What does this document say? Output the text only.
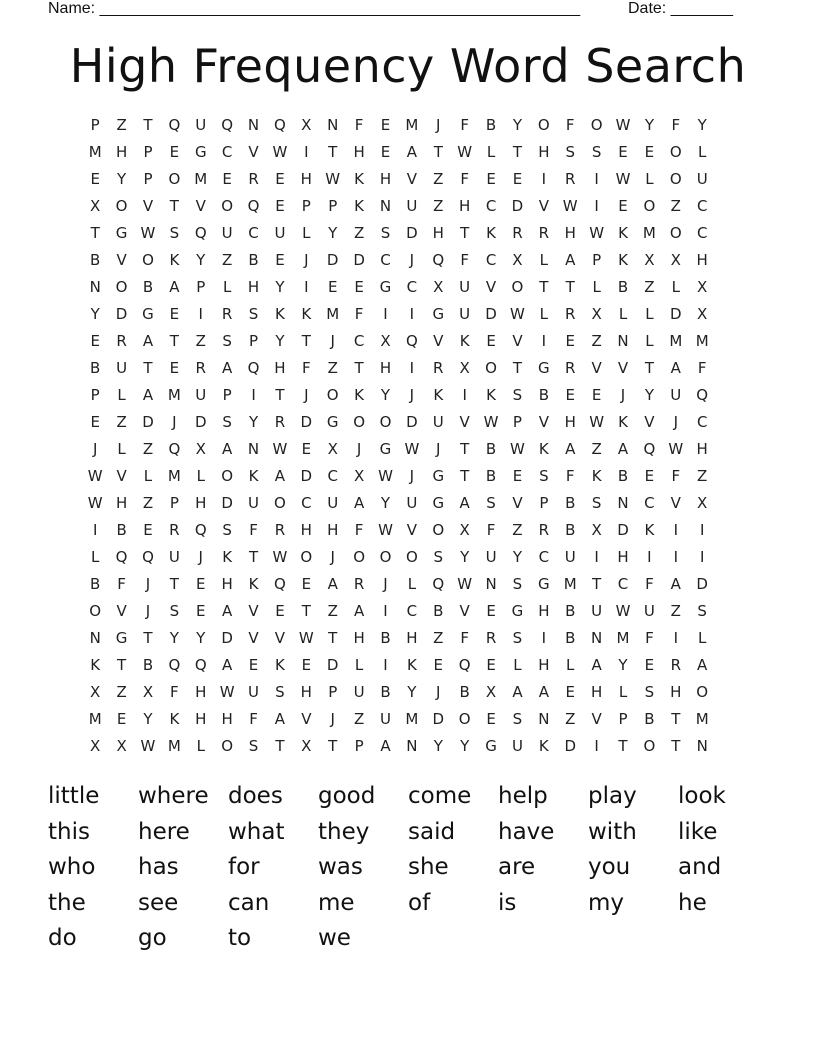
Name: ______________________________________________________	Date: _______
High Frequency Word Search
P	Z	T	Q	U Q N Q	X	N	F	E	M	J	F	B	Y	O	F	O W Y	F	Y
M H	P	E	G	C	V W	I	T	H	E	A	T W L	T	H	S	S	E	E	O	L
E	Y	P	O M	E	R	E	H W K	H	V	Z	F	E	E	I	R	I	W L	O	U
X	O	V	T	V	O Q	E	P	P	K	N	U	Z	H	C	D	V W	I	E	O	Z	C
T	G W S	Q	U	C	U	L	Y	Z	S	D H	T	K	R	R	H W K	M O	C
B	V	O	K	Y	Z	B	E	J	D D	C	J	Q	F	C	X	L	A	P	K	X	X	H
N O	B	A	P	L	H	Y	I	E	E	G	C	X	U	V	O	T	T	L	B	Z	L	X
Y	D G	E	I	R	S	K	K	M	F	I	I	G	U	D W L	R	X	L	L	D	X
E	R	A	T	Z	S	P	Y	T	J	C	X	Q	V	K	E	V	I	E	Z	N	L	M M
B	U	T	E	R	A	Q H	F	Z	T	H	I	R	X	O	T	G	R	V	V	T	A	F
P	L	A M U	P	I	T	J	O	K	Y	J	K	I	K	S	B	E	E	J	Y	U Q
E	Z	D	J	D	S	Y	R	D G O O D	U	V W P	V	H W K	V	J	C
J	L	Z	Q	X	A	N W E	X	J	G W	J	T	B W K	A	Z	A	Q W H
W V	L	M	L	O	K	A	D	C	X W	J	G	T	B	E	S	F	K	B	E	F	Z
W H	Z	P	H D	U O	C	U	A	Y	U	G	A	S	V	P	B	S	N	C	V	X
I	B	E	R	Q	S	F	R	H	H	F W V	O	X	F	Z	R	B	X	D	K	I	I
L	Q Q	U	J	K	T W O	J	O O O	S	Y	U	Y	C	U	I	H	I	I	I
B	F	J	T	E	H	K	Q	E	A	R	J	L	Q W N	S	G M	T	C	F	A	D
O	V	J	S	E	A	V	E	T	Z	A	I	C	B	V	E	G H	B	U W U	Z	S
N G	T	Y	Y	D	V	V W T	H	B	H	Z	F	R	S	I	B	N M	F	I	L
K	T	B	Q Q	A	E	K	E	D	L	I	K	E	Q	E	L	H	L	A	Y	E	R	A
X	Z	X	F	H W U	S	H	P	U	B	Y	J	B	X	A	A	E	H	L	S	H O
M	E	Y	K	H	H	F	A	V	J	Z	U M D O	E	S	N	Z	V	P	B	T	M
X	X W M	L	O	S	T	X	T	P	A	N	Y	Y	G	U	K	D	I	T	O	T	N
little	where does	good	come	help	play	look
this	here	what	they	said	have	with	like
who	has	for	was	she	are	you	and
the	see	can	me	of	is	my	he
do	go	to	we
